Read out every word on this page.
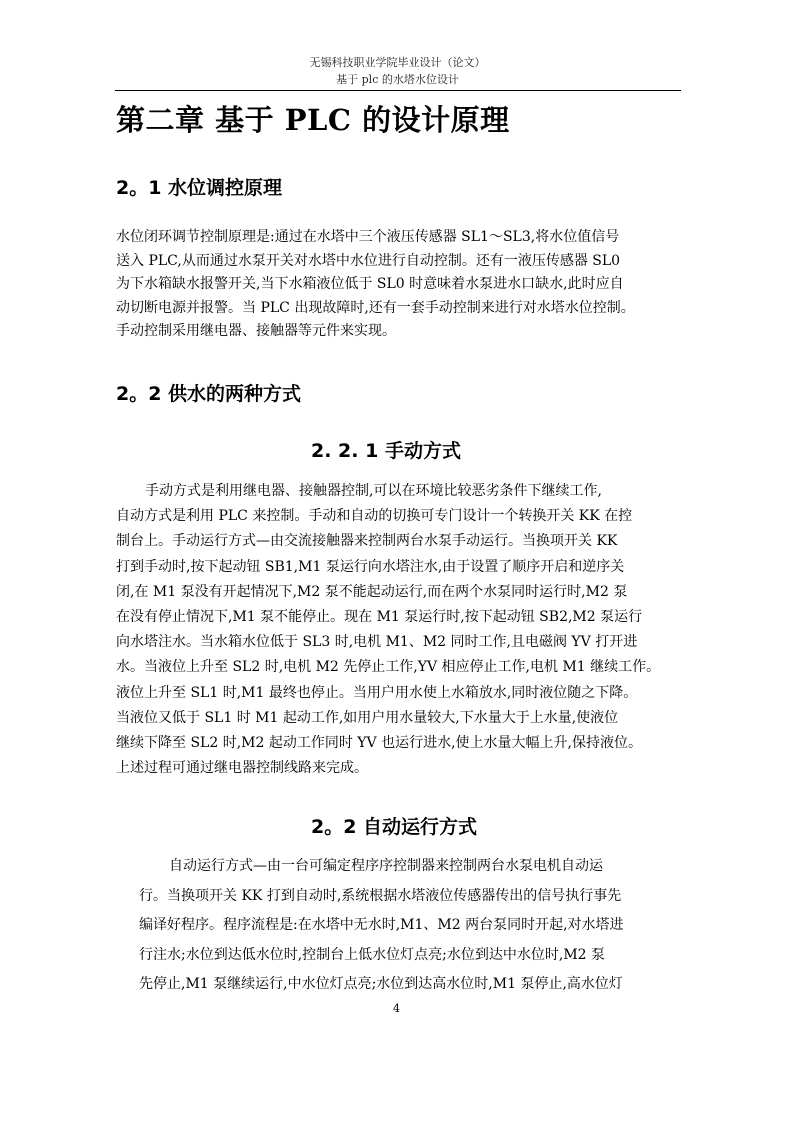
无锡科技职业学院毕业设计（论文）
基于 plc 的水塔水位设计
第二章 基于 PLC 的设计原理
2。1 水位调控原理
水位闭环调节控制原理是:通过在水塔中三个液压传感器 SL1～SL3,将水位值信号
送入 PLC,从而通过水泵开关对水塔中水位进行自动控制。还有一液压传感器 SL0
为下水箱缺水报警开关,当下水箱液位低于 SL0 时意味着水泵进水口缺水,此时应自
动切断电源并报警。当 PLC 出现故障时,还有一套手动控制来进行对水塔水位控制。
手动控制采用继电器、接触器等元件来实现。
2。2 供水的两种方式
2. 2. 1 手动方式
手动方式是利用继电器、接触器控制,可以在环境比较恶劣条件下继续工作,
自动方式是利用 PLC 来控制。手动和自动的切换可专门设计一个转换开关 KK 在控
制台上。手动运行方式—由交流接触器来控制两台水泵手动运行。当换项开关 KK
打到手动时,按下起动钮 SB1,M1 泵运行向水塔注水,由于设置了顺序开启和逆序关
闭,在 M1 泵没有开起情况下,M2 泵不能起动运行,而在两个水泵同时运行时,M2 泵
在没有停止情况下,M1 泵不能停止。现在 M1 泵运行时,按下起动钮 SB2,M2 泵运行
向水塔注水。当水箱水位低于 SL3 时,电机 M1、M2 同时工作,且电磁阀 YV 打开进
水。当液位上升至 SL2 时,电机 M2 先停止工作,YV 相应停止工作,电机 M1 继续工作。
液位上升至 SL1 时,M1 最终也停止。当用户用水使上水箱放水,同时液位随之下降。
当液位又低于 SL1 时 M1 起动工作,如用户用水量较大,下水量大于上水量,使液位
继续下降至 SL2 时,M2 起动工作同时 YV 也运行进水,使上水量大幅上升,保持液位。
上述过程可通过继电器控制线路来完成。
2。2 自动运行方式
自动运行方式—由一台可编定程序序控制器来控制两台水泵电机自动运
行。当换项开关 KK 打到自动时,系统根据水塔液位传感器传出的信号执行事先
编译好程序。程序流程是:在水塔中无水时,M1、M2 两台泵同时开起,对水塔进
行注水;水位到达低水位时,控制台上低水位灯点亮;水位到达中水位时,M2 泵
先停止,M1 泵继续运行,中水位灯点亮;水位到达高水位时,M1 泵停止,高水位灯
4
